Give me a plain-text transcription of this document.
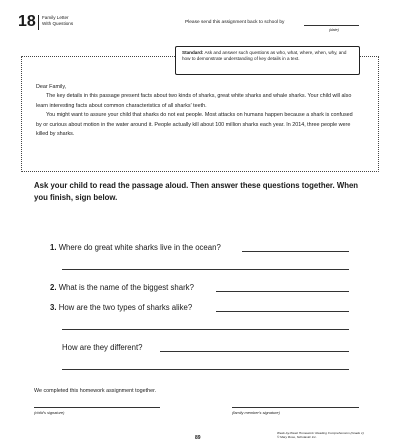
18 Family Letter
With Questions	Please send this assignment back to school by
(date)
Standard: Ask and answer such questions as who, what, where, when, why, and how to demonstrate understanding of key details in a text.

Dear Family,

The key details in this passage present facts about two kinds of sharks, great white sharks and whale sharks. Your child will also learn interesting facts about common characteristics of all sharks' teeth.

You might want to assure your child that sharks do not eat people. Most attacks on humans happen because a shark is confused by or curious about motion in the water around it. People actually kill about 100 million sharks each year. In 2014, three people were killed by sharks.

Ask your child to read the passage aloud. Then answer these questions together. When you finish, sign below.
1. Where do great white sharks live in the ocean?
2. What is the name of the biggest shark?
3. How are the two types of sharks alike?
How are they different?
We completed this homework assignment together.
(child's signature)	(family member's signature)
89
Week-by-Week Homework: Reading Comprehension (Grade 1)
© Mary Rose, Scholastic Inc.
